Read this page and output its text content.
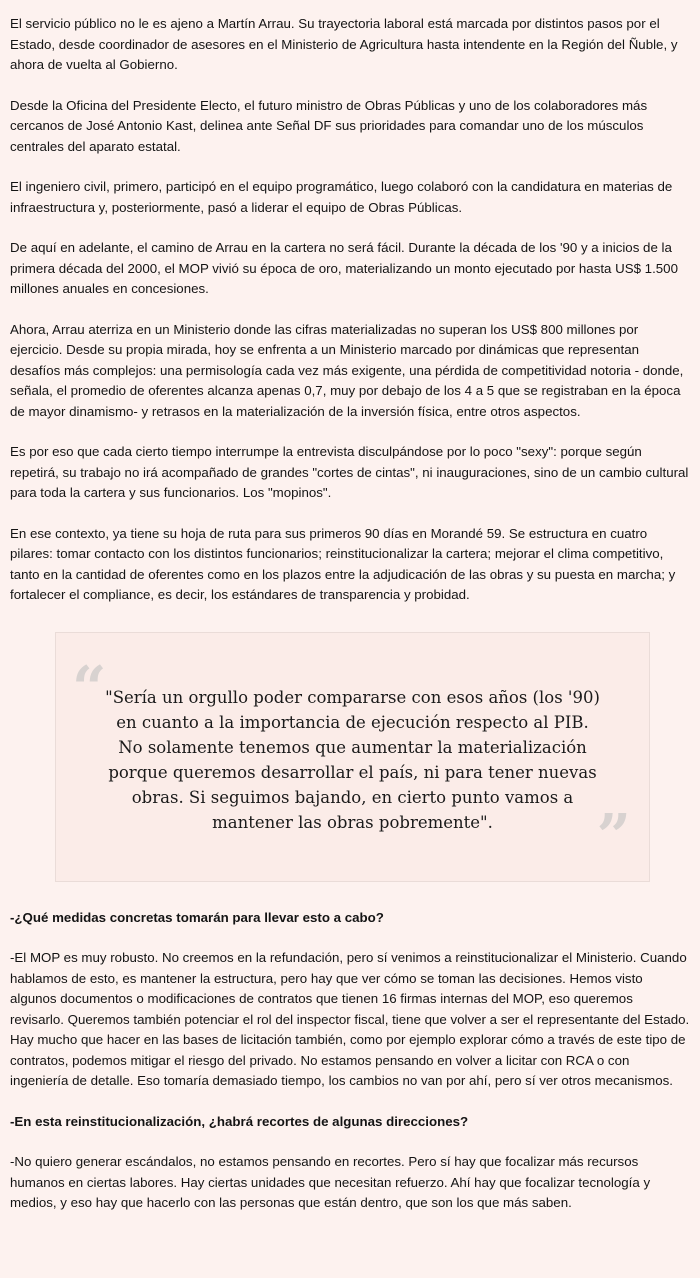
El servicio público no le es ajeno a Martín Arrau. Su trayectoria laboral está marcada por distintos pasos por el Estado, desde coordinador de asesores en el Ministerio de Agricultura hasta intendente en la Región del Ñuble, y ahora de vuelta al Gobierno.

Desde la Oficina del Presidente Electo, el futuro ministro de Obras Públicas y uno de los colaboradores más cercanos de José Antonio Kast, delinea ante Señal DF sus prioridades para comandar uno de los músculos centrales del aparato estatal.

El ingeniero civil, primero, participó en el equipo programático, luego colaboró con la candidatura en materias de infraestructura y, posteriormente, pasó a liderar el equipo de Obras Públicas.

De aquí en adelante, el camino de Arrau en la cartera no será fácil. Durante la década de los '90 y a inicios de la primera década del 2000, el MOP vivió su época de oro, materializando un monto ejecutado por hasta US$ 1.500 millones anuales en concesiones.

Ahora, Arrau aterriza en un Ministerio donde las cifras materializadas no superan los US$ 800 millones por ejercicio. Desde su propia mirada, hoy se enfrenta a un Ministerio marcado por dinámicas que representan desafíos más complejos: una permisología cada vez más exigente, una pérdida de competitividad notoria - donde, señala, el promedio de oferentes alcanza apenas 0,7, muy por debajo de los 4 a 5 que se registraban en la época de mayor dinamismo- y retrasos en la materialización de la inversión física, entre otros aspectos.

Es por eso que cada cierto tiempo interrumpe la entrevista disculpándose por lo poco "sexy": porque según repetirá, su trabajo no irá acompañado de grandes "cortes de cintas", ni inauguraciones, sino de un cambio cultural para toda la cartera y sus funcionarios. Los "mopinos".

En ese contexto, ya tiene su hoja de ruta para sus primeros 90 días en Morandé 59. Se estructura en cuatro pilares: tomar contacto con los distintos funcionarios; reinstitucionalizar la cartera; mejorar el clima competitivo, tanto en la cantidad de oferentes como en los plazos entre la adjudicación de las obras y su puesta en marcha; y fortalecer el compliance, es decir, los estándares de transparencia y probidad.

“
"Sería un orgullo poder compararse con esos años (los '90) en cuanto a la importancia de ejecución respecto al PIB. No solamente tenemos que aumentar la materialización porque queremos desarrollar el país, ni para tener nuevas obras. Si seguimos bajando, en cierto punto vamos a mantener las obras pobremente".	”

-¿Qué medidas concretas tomarán para llevar esto a cabo?

-El MOP es muy robusto. No creemos en la refundación, pero sí venimos a reinstitucionalizar el Ministerio. Cuando hablamos de esto, es mantener la estructura, pero hay que ver cómo se toman las decisiones. Hemos visto algunos documentos o modificaciones de contratos que tienen 16 firmas internas del MOP, eso queremos revisarlo. Queremos también potenciar el rol del inspector fiscal, tiene que volver a ser el representante del Estado. Hay mucho que hacer en las bases de licitación también, como por ejemplo explorar cómo a través de este tipo de contratos, podemos mitigar el riesgo del privado. No estamos pensando en volver a licitar con RCA o con ingeniería de detalle. Eso tomaría demasiado tiempo, los cambios no van por ahí, pero sí ver otros mecanismos.

-En esta reinstitucionalización, ¿habrá recortes de algunas direcciones?

-No quiero generar escándalos, no estamos pensando en recortes. Pero sí hay que focalizar más recursos humanos en ciertas labores. Hay ciertas unidades que necesitan refuerzo. Ahí hay que focalizar tecnología y medios, y eso hay que hacerlo con las personas que están dentro, que son los que más saben.
